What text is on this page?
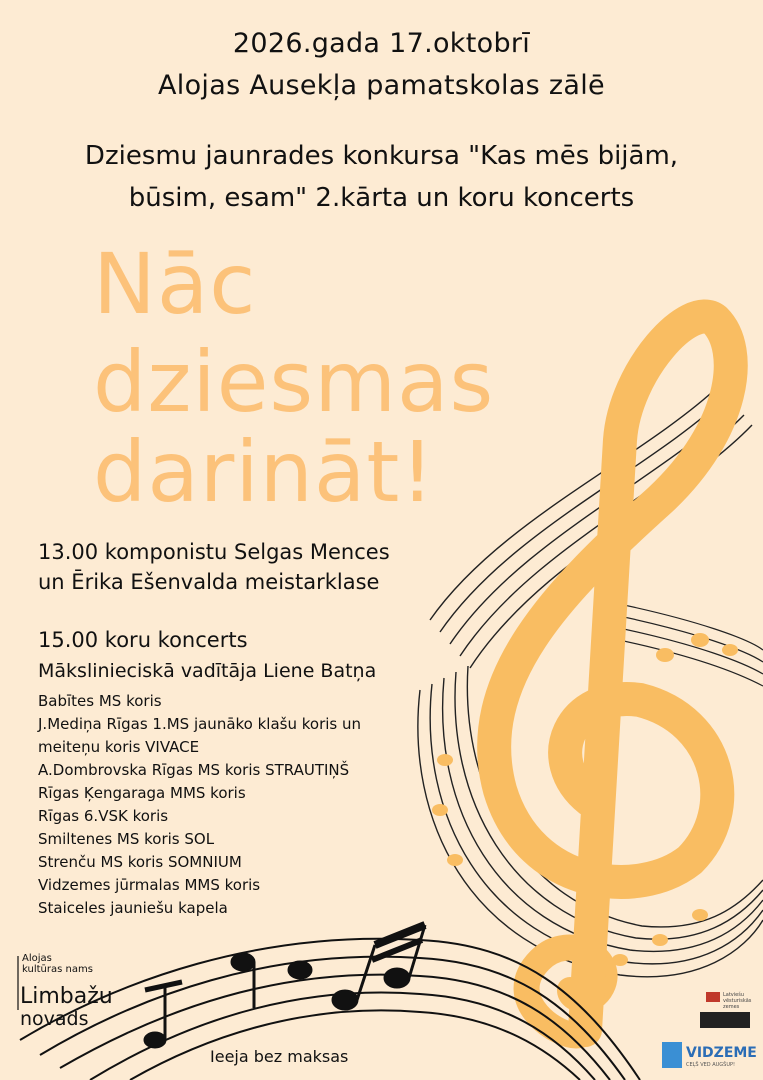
2026.gada 17.oktobrī
Alojas Ausekļa pamatskolas zālē
Dziesmu jaunrades konkursa "Kas mēs bijām,
būsim, esam" 2.kārta un koru koncerts
Nāc
dziesmas
darināt!
13.00 komponistu Selgas Mences
un Ērika Ešenvalda meistarklase
15.00 koru koncerts
Mākslinieciskā vadītāja Liene Batņa
Babītes MS koris
J.Mediņa Rīgas 1.MS jaunāko klašu koris un
meiteņu koris VIVACE
A.Dombrovska Rīgas MS koris STRAUTIŅŠ
Rīgas Ķengaraga MMS koris
Rīgas 6.VSK koris
Smiltenes MS koris SOL
Strenču MS koris SOMNIUM
Vidzemes jūrmalas MMS koris
Staiceles jauniešu kapela
Alojas
kultūras nams
Limbažu
novads
Latviešu
vēsturiskās
zemes
VIDZEME
CEĻŠ VED AUGŠUP!
Ieeja bez maksas
